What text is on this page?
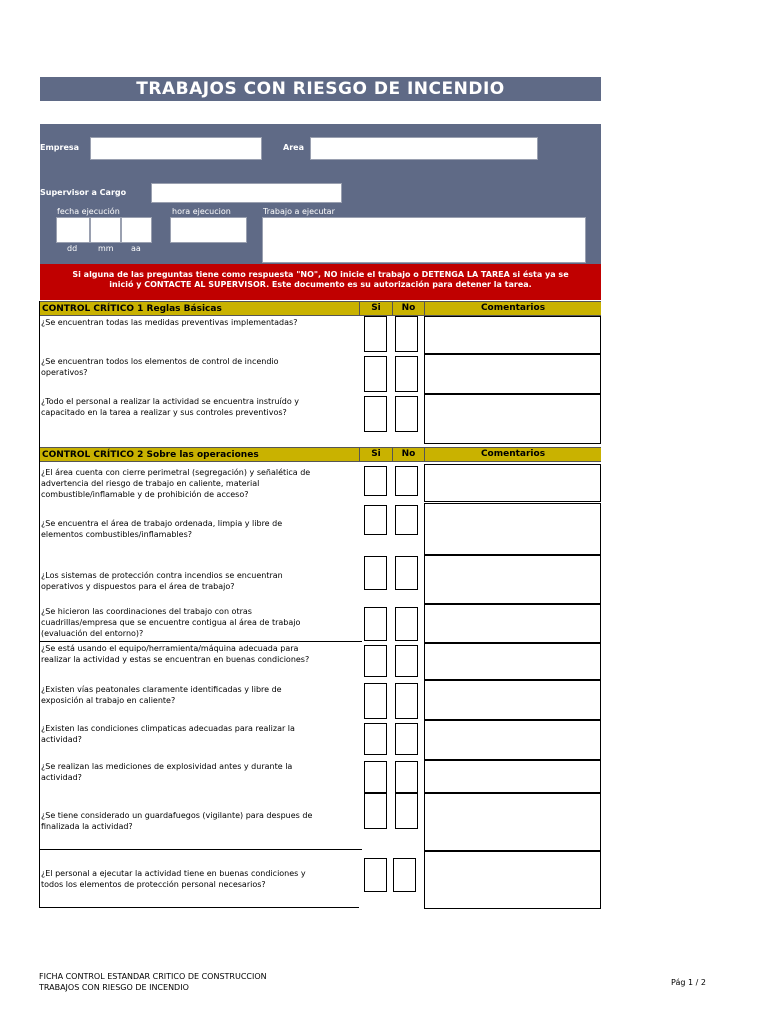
TRABAJOS CON RIESGO DE INCENDIO
Empresa	Area
Supervisor a Cargo
fecha ejecución	hora ejecucion	Trabajo a ejecutar
dd	mm aa
Si alguna de las preguntas tiene como respuesta "NO", NO inicie el trabajo o DETENGA LA TAREA si ésta ya se
inició y CONTACTE AL SUPERVISOR. Este documento es su autorización para detener la tarea.
CONTROL CRÍTICO 1 Reglas Básicas	Si	No	Comentarios
¿Se encuentran todas las medidas preventivas implementadas?
¿Se encuentran todos los elementos de control de incendio
operativos?
¿Todo el personal a realizar la actividad se encuentra instruído y
capacitado en la tarea a realizar y sus controles preventivos?
CONTROL CRÍTICO 2 Sobre las operaciones	Si	No	Comentarios
¿El área cuenta con cierre perimetral (segregación) y señalética de
advertencia del riesgo de trabajo en caliente, material
combustible/inflamable y de prohibición de acceso?
¿Se encuentra el área de trabajo ordenada, limpia y libre de
elementos combustibles/inflamables?
¿Los sistemas de protección contra incendios se encuentran
operativos y dispuestos para el área de trabajo?
¿Se hicieron las coordinaciones del trabajo con otras
cuadrillas/empresa que se encuentre contigua al área de trabajo
(evaluación del entorno)?
¿Se está usando el equipo/herramienta/máquina adecuada para
realizar la actividad y estas se encuentran en buenas condiciones?
¿Existen vías peatonales claramente identificadas y libre de
exposición al trabajo en caliente?
¿Existen las condiciones climpaticas adecuadas para realizar la
actividad?
¿Se realizan las mediciones de explosividad antes y durante la
actividad?
¿Se tiene considerado un guardafuegos (vigilante) para despues de
finalizada la actividad?
¿El personal a ejecutar la actividad tiene en buenas condiciones y
todos los elementos de protección personal necesarios?
FICHA CONTROL ESTANDAR CRITICO DE CONSTRUCCION
TRABAJOS CON RIESGO DE INCENDIO
Pág 1 / 2
